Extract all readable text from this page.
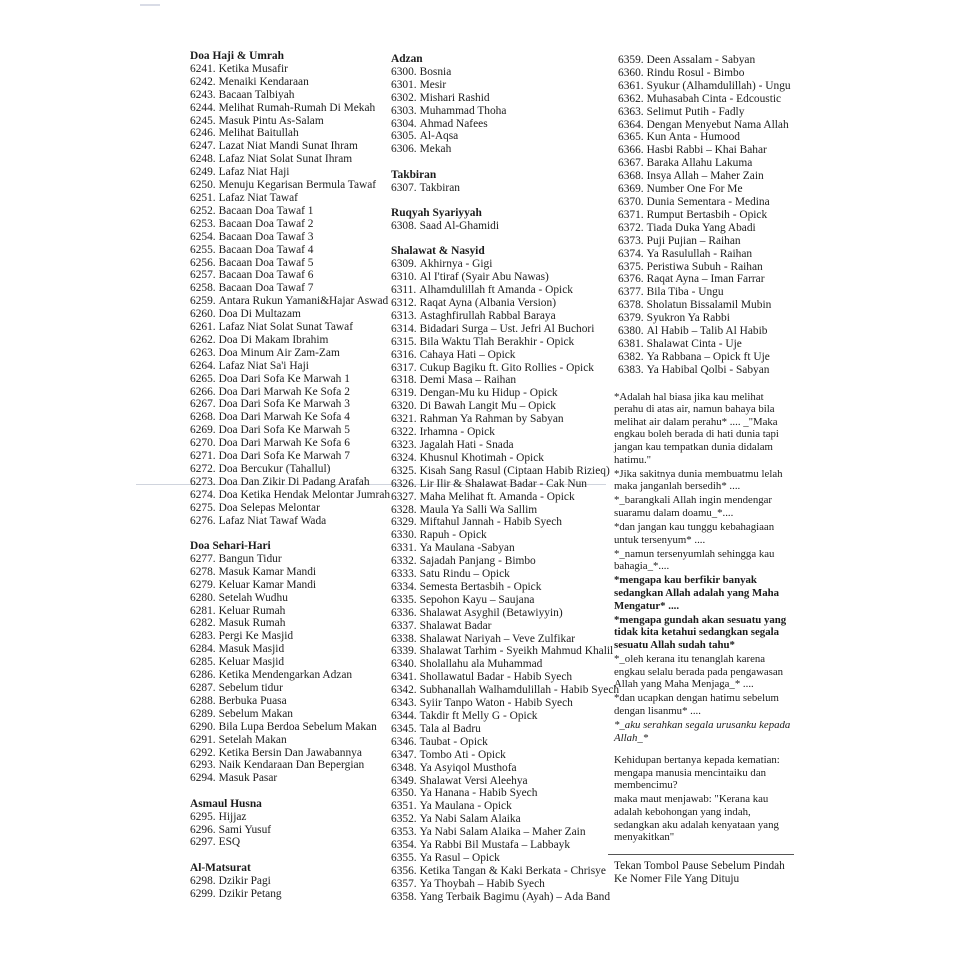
Doa Haji & Umrah
6241. Ketika Musafir
6242. Menaiki Kendaraan
6243. Bacaan Talbiyah
6244. Melihat Rumah-Rumah Di Mekah
6245. Masuk Pintu As-Salam
6246. Melihat Baitullah
6247. Lazat Niat Mandi Sunat Ihram
6248. Lafaz Niat Solat Sunat Ihram
6249. Lafaz Niat Haji
6250. Menuju Kegarisan Bermula Tawaf
6251. Lafaz Niat Tawaf
6252. Bacaan Doa Tawaf 1
6253. Bacaan Doa Tawaf 2
6254. Bacaan Doa Tawaf 3
6255. Bacaan Doa Tawaf 4
6256. Bacaan Doa Tawaf 5
6257. Bacaan Doa Tawaf 6
6258. Bacaan Doa Tawaf 7
6259. Antara Rukun Yamani&Hajar Aswad
6260. Doa Di Multazam
6261. Lafaz Niat Solat Sunat Tawaf
6262. Doa Di Makam Ibrahim
6263. Doa Minum Air Zam-Zam
6264. Lafaz Niat Sa'i Haji
6265. Doa Dari Sofa Ke Marwah 1
6266. Doa Dari Marwah Ke Sofa 2
6267. Doa Dari Sofa Ke Marwah 3
6268. Doa Dari Marwah Ke Sofa 4
6269. Doa Dari Sofa Ke Marwah 5
6270. Doa Dari Marwah Ke Sofa 6
6271. Doa Dari Sofa Ke Marwah 7
6272. Doa Bercukur (Tahallul)
6273. Doa Dan Zikir Di Padang Arafah
6274. Doa Ketika Hendak Melontar Jumrah
6275. Doa Selepas Melontar
6276. Lafaz Niat Tawaf Wada
Doa Sehari-Hari
6277. Bangun Tidur
6278. Masuk Kamar Mandi
6279. Keluar Kamar Mandi
6280. Setelah Wudhu
6281. Keluar Rumah
6282. Masuk Rumah
6283. Pergi Ke Masjid
6284. Masuk Masjid
6285. Keluar Masjid
6286. Ketika Mendengarkan Adzan
6287. Sebelum tidur
6288. Berbuka Puasa
6289. Sebelum Makan
6290. Bila Lupa Berdoa Sebelum Makan
6291. Setelah Makan
6292. Ketika Bersin Dan Jawabannya
6293. Naik Kendaraan Dan Bepergian
6294. Masuk Pasar
Asmaul Husna
6295. Hijjaz
6296. Sami Yusuf
6297. ESQ
Al-Matsurat
6298. Dzikir Pagi
6299. Dzikir Petang
Adzan
6300. Bosnia
6301. Mesir
6302. Mishari Rashid
6303. Muhammad Thoha
6304. Ahmad Nafees
6305. Al-Aqsa
6306. Mekah
Takbiran
6307. Takbiran
Ruqyah Syariyyah
6308. Saad Al-Ghamidi
Shalawat & Nasyid
6309. Akhirnya - Gigi
6310. Al I'tiraf (Syair Abu Nawas)
6311. Alhamdulillah ft Amanda - Opick
6312. Raqat Ayna (Albania Version)
6313. Astaghfirullah Rabbal Baraya
6314. Bidadari Surga – Ust. Jefri Al Buchori
6315. Bila Waktu Tlah Berakhir - Opick
6316. Cahaya Hati – Opick
6317. Cukup Bagiku ft. Gito Rollies - Opick
6318. Demi Masa – Raihan
6319. Dengan-Mu ku Hidup - Opick
6320. Di Bawah Langit Mu – Opick
6321. Rahman Ya Rahman by Sabyan
6322. Irhamna - Opick
6323. Jagalah Hati - Snada
6324. Khusnul Khotimah - Opick
6325. Kisah Sang Rasul (Ciptaan Habib Rizieq)
6326. Lir Ilir & Shalawat Badar - Cak Nun
6327. Maha Melihat ft. Amanda - Opick
6328. Maula Ya Salli Wa Sallim
6329. Miftahul Jannah - Habib Syech
6330. Rapuh - Opick
6331. Ya Maulana -Sabyan
6332. Sajadah Panjang - Bimbo
6333. Satu Rindu – Opick
6334. Semesta Bertasbih - Opick
6335. Sepohon Kayu – Saujana
6336. Shalawat Asyghil (Betawiyyin)
6337. Shalawat Badar
6338. Shalawat Nariyah – Veve Zulfikar
6339. Shalawat Tarhim - Syeikh Mahmud Khalil
6340. Sholallahu ala Muhammad
6341. Shollawatul Badar - Habib Syech
6342. Subhanallah Walhamdulillah - Habib Syech
6343. Syiir Tanpo Waton - Habib Syech
6344. Takdir ft Melly G - Opick
6345. Tala al Badru
6346. Taubat - Opick
6347. Tombo Ati - Opick
6348. Ya Asyiqol Musthofa
6349. Shalawat Versi Aleehya
6350. Ya Hanana - Habib Syech
6351. Ya Maulana - Opick
6352. Ya Nabi Salam Alaika
6353. Ya Nabi Salam Alaika – Maher Zain
6354. Ya Rabbi Bil Mustafa – Labbayk
6355. Ya Rasul – Opick
6356. Ketika Tangan & Kaki Berkata - Chrisye
6357. Ya Thoybah – Habib Syech
6358. Yang Terbaik Bagimu (Ayah) – Ada Band
6359. Deen Assalam - Sabyan
6360. Rindu Rosul - Bimbo
6361. Syukur (Alhamdulillah) - Ungu
6362. Muhasabah Cinta - Edcoustic
6363. Selimut Putih - Fadly
6364. Dengan Menyebut Nama Allah
6365. Kun Anta - Humood
6366. Hasbi Rabbi – Khai Bahar
6367. Baraka Allahu Lakuma
6368. Insya Allah – Maher Zain
6369. Number One For Me
6370. Dunia Sementara - Medina
6371. Rumput Bertasbih - Opick
6372. Tiada Duka Yang Abadi
6373. Puji Pujian – Raihan
6374. Ya Rasulullah - Raihan
6375. Peristiwa Subuh - Raihan
6376. Raqat Ayna – Iman Farrar
6377. Bila Tiba - Ungu
6378. Sholatun Bissalamil Mubin
6379. Syukron Ya Rabbi
6380. Al Habib – Talib Al Habib
6381. Shalawat Cinta - Uje
6382. Ya Rabbana – Opick ft Uje
6383. Ya Habibal Qolbi - Sabyan
*Adalah hal biasa jika kau melihat perahu di atas air, namun bahaya bila melihat air dalam perahu* .... _"Maka engkau boleh berada di hati dunia tapi jangan kau tempatkan dunia didalam hatimu."
*Jika sakitnya dunia membuatmu lelah maka janganlah bersedih* ....
*_barangkali Allah ingin mendengar suaramu dalam doamu_*....
*dan jangan kau tunggu kebahagiaan untuk tersenyum* ....
*_namun tersenyumlah sehingga kau bahagia_*....
*mengapa kau berfikir banyak sedangkan Allah adalah yang Maha Mengatur* ....
*mengapa gundah akan sesuatu yang tidak kita ketahui sedangkan segala sesuatu Allah sudah tahu*
*_oleh kerana itu tenanglah karena engkau selalu berada pada pengawasan Allah yang Maha Menjaga_* ....
*dan ucapkan dengan hatimu sebelum dengan lisanmu* ....
*_aku serahkan segala urusanku kepada Allah_*
Kehidupan bertanya kepada kematian: mengapa manusia mencintaiku dan membencimu?
maka maut menjawab: "Kerana kau adalah kebohongan yang indah, sedangkan aku adalah kenyataan yang menyakitkan"
Tekan Tombol Pause Sebelum Pindah Ke Nomer File Yang Dituju
